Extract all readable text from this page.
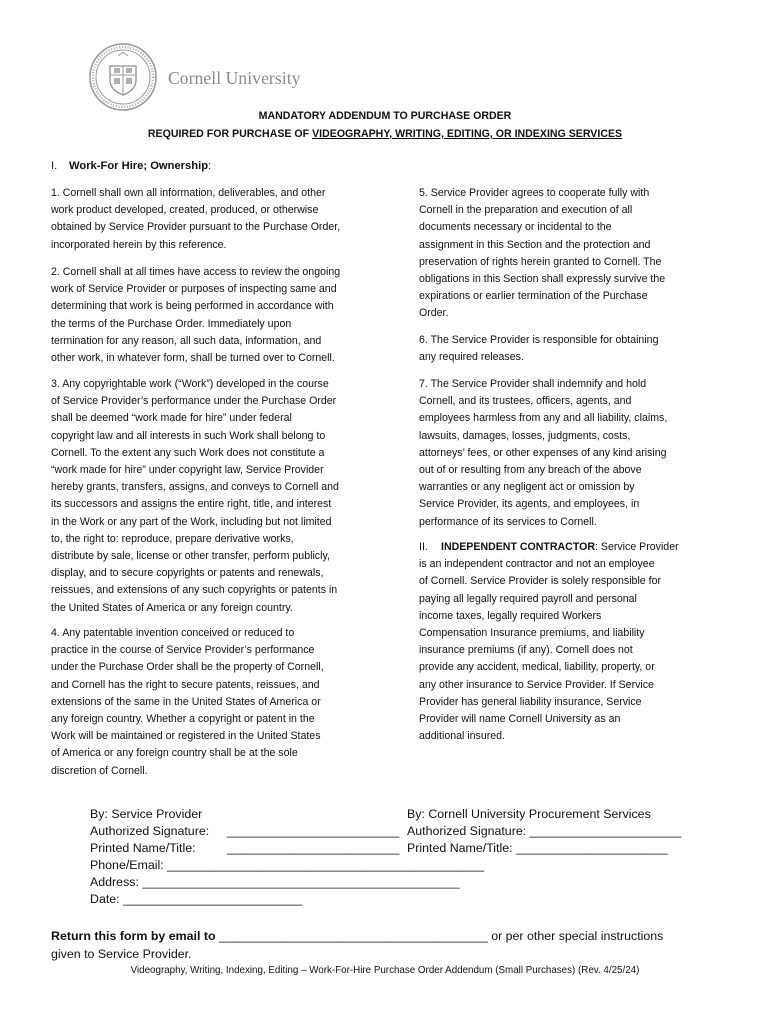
Cornell University
MANDATORY ADDENDUM TO PURCHASE ORDER
REQUIRED FOR PURCHASE OF VIDEOGRAPHY, WRITING, EDITING, OR INDEXING SERVICES
I. Work-For Hire; Ownership:

1. Cornell shall own all information, deliverables, and other

work product developed, created, produced, or otherwise

obtained by Service Provider pursuant to the Purchase Order,

incorporated herein by this reference.

2. Cornell shall at all times have access to review the ongoing

work of Service Provider or purposes of inspecting same and

determining that work is being performed in accordance with

the terms of the Purchase Order. Immediately upon

termination for any reason, all such data, information, and

other work, in whatever form, shall be turned over to Cornell.

3. Any copyrightable work (“Work”) developed in the course

of Service Provider’s performance under the Purchase Order

shall be deemed “work made for hire” under federal

copyright law and all interests in such Work shall belong to

Cornell. To the extent any such Work does not constitute a

“work made for hire” under copyright law, Service Provider

hereby grants, transfers, assigns, and conveys to Cornell and

its successors and assigns the entire right, title, and interest

in the Work or any part of the Work, including but not limited

to, the right to: reproduce, prepare derivative works,

distribute by sale, license or other transfer, perform publicly,

display, and to secure copyrights or patents and renewals,

reissues, and extensions of any such copyrights or patents in

the United States of America or any foreign country.

4. Any patentable invention conceived or reduced to

practice in the course of Service Provider’s performance

under the Purchase Order shall be the property of Cornell,

and Cornell has the right to secure patents, reissues, and

extensions of the same in the United States of America or

any foreign country. Whether a copyright or patent in the

Work will be maintained or registered in the United States

of America or any foreign country shall be at the sole

discretion of Cornell.

5. Service Provider agrees to cooperate fully with

Cornell in the preparation and execution of all

documents necessary or incidental to the

assignment in this Section and the protection and

preservation of rights herein granted to Cornell. The

obligations in this Section shall expressly survive the

expirations or earlier termination of the Purchase

Order.

6. The Service Provider is responsible for obtaining

any required releases.

7. The Service Provider shall indemnify and hold

Cornell, and its trustees, officers, agents, and

employees harmless from any and all liability, claims,

lawsuits, damages, losses, judgments, costs,

attorneys’ fees, or other expenses of any kind arising

out of or resulting from any breach of the above

warranties or any negligent act or omission by

Service Provider, its agents, and employees, in

performance of its services to Cornell.

II. INDEPENDENT CONTRACTOR: Service Provider

is an independent contractor and not an employee

of Cornell. Service Provider is solely responsible for

paying all legally required payroll and personal

income taxes, legally required Workers

Compensation Insurance premiums, and liability

insurance premiums (if any). Cornell does not

provide any accident, medical, liability, property, or

any other insurance to Service Provider. If Service

Provider has general liability insurance, Service

Provider will name Cornell University as an

additional insured.

By: Service Provider
Authorized Signature: _________________________
Printed Name/Title:	_________________________
Phone/Email: ______________________________________________
Address: ______________________________________________
Date: __________________________
By: Cornell University Procurement Services
Authorized Signature: ______________________
Printed Name/Title: ______________________
Return this form by email to _______________________________________ or per other special instructions
given to Service Provider.
Videography, Writing, Indexing, Editing – Work-For-Hire Purchase Order Addendum (Small Purchases) (Rev. 4/25/24)
